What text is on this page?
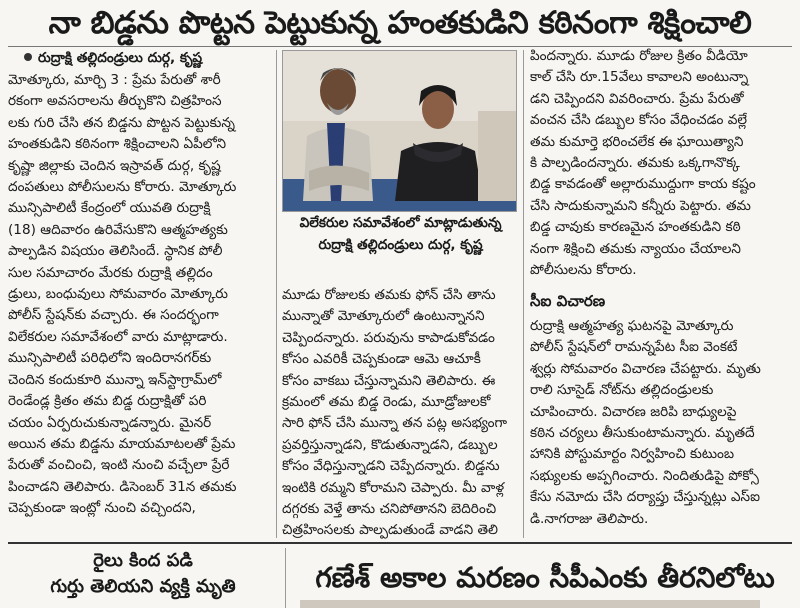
నా బిడ్డను పొట్టన పెట్టుకున్న హంతకుడిని కఠినంగా శిక్షించాలి
రుద్రాక్షి తల్లిదండ్రులు దుర్గ, కృష్ణ

మోత్కూరు, మార్చి 3 : ప్రేమ పేరుతో శారీ

రకంగా అవసరాలను తీర్చుకొని చిత్రహింస

లకు గురి చేసి తన బిడ్డను పొట్టన పెట్టుకున్న

హంతకుడిని కఠినంగా శిక్షించాలని ఏపీలోని

కృష్ణా జిల్లాకు చెందిన ఇస్రావత్ దుర్గ, కృష్ణ

దంపతులు పోలీసులను కోరారు. మోత్కూరు

మున్సిపాలిటీ కేంద్రంలో యువతి రుద్రాక్షి

(18) ఆదివారం ఉరివేసుకొని ఆత్మహత్యకు

పాల్పడిన విషయం తెలిసిందే. స్థానిక పోలీ

సుల సమాచారం మేరకు రుద్రాక్షి తల్లిదం

డ్రులు, బంధువులు సోమవారం మోత్కూరు

పోలీస్ స్టేషన్‌కు వచ్చారు. ఈ సందర్భంగా

విలేకరుల సమావేశంలో వారు మాట్లాడారు.

మున్సిపాలిటీ పరిధిలోని ఇందిరానగర్‌కు

చెందిన కందుకూరి మున్నా ఇన్‌స్టాగ్రామ్‌లో

రెండేండ్ల క్రితం తమ బిడ్డ రుద్రాక్షితో పరి

చయం ఏర్పరుచుకున్నాడన్నారు. మైనర్

అయిన తమ బిడ్డను మాయమాటలతో ప్రేమ

పేరుతో వంచించి, ఇంటి నుంచి వచ్చేలా ప్రేరే

పించాడని తెలిపారు. డిసెంబర్ 31న తమకు

చెప్పకుండా ఇంట్లో నుంచి వచ్చిందని,

విలేకరుల సమావేశంలో మాట్లాడుతున్న
రుద్రాక్షి తల్లిదండ్రులు దుర్గ, కృష్ణ

మూడు రోజులకు తమకు ఫోన్ చేసి తాను

మున్నాతో మోత్కూరులో ఉంటున్నానని

చెప్పిందన్నారు. పరువును కాపాడుకోవడం

కోసం ఎవరికీ చెప్పకుండా ఆమె ఆచూకీ

కోసం వాకబు చేస్తున్నామని తెలిపారు. ఈ

క్రమంలో తమ బిడ్డ రెండు, మూడ్రోజులకో

సారి ఫోన్ చేసి మున్నా తన పట్ల అసభ్యంగా

ప్రవర్తిస్తున్నాడని, కొడుతున్నాడని, డబ్బుల

కోసం వేధిస్తున్నాడని చెప్పేదన్నారు. బిడ్డను

ఇంటికి రమ్మని కోరామని చెప్పారు. మీ వాళ్ల

దగ్గరకు వెళ్తే తాను చనిపోతానని బెదిరించి

చిత్రహింసలకు పాల్పడుతుండే వాడని తెలి

పిందన్నారు. మూడు రోజుల క్రితం వీడియో

కాల్ చేసి రూ.15వేలు కావాలని అంటున్నా

డని చెప్పిందని వివరించారు. ప్రేమ పేరుతో

వంచన చేసి డబ్బుల కోసం వేధించడం వల్లే

తమ కుమార్తె భరించలేక ఈ ఘాయిత్యాని

కి పాల్పడిందన్నారు. తమకు ఒక్కగానొక్క

బిడ్డ కావడంతో అల్లారుముద్దుగా కాయ కష్టం

చేసి సాదుకున్నామని కన్నీరు పెట్టారు. తమ

బిడ్డ చావుకు కారణమైన హంతకుడిని కఠి

నంగా శిక్షించి తమకు న్యాయం చేయాలని

పోలీసులను కోరారు.

సీఐ విచారణ

రుద్రాక్షి ఆత్మహత్య ఘటనపై మోత్కూరు

పోలీస్ స్టేషన్‌లో రామన్నపేట సీఐ వెంకటే

శ్వర్లు సోమవారం విచారణ చేపట్టారు. మృతు

రాలి సూసైడ్ నోట్‌ను తల్లిదండ్రులకు

చూపించారు. విచారణ జరిపి బాధ్యులపై

కఠిన చర్యలు తీసుకుంటామన్నారు. మృతదే

హానికి పోస్టుమార్టం నిర్వహించి కుటుంబ

సభ్యులకు అప్పగించారు. నిందితుడిపై పోక్సో

కేసు నమోదు చేసి దర్యాప్తు చేస్తున్నట్లు ఎస్ఐ

డి.నాగరాజు తెలిపారు.

రైలు కింద పడి
గుర్తు తెలియని వ్యక్తి మృతి	గణేశ్ అకాల మరణం సీపీఎంకు తీరనిలోటు
